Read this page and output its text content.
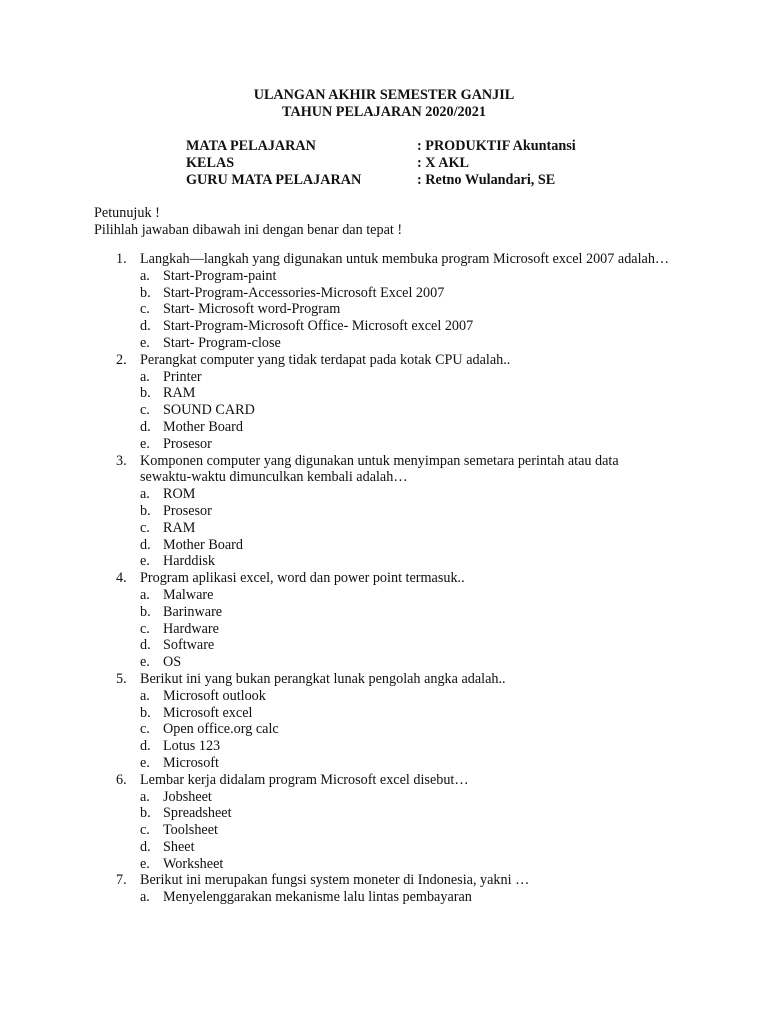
ULANGAN AKHIR SEMESTER GANJIL
TAHUN PELAJARAN 2020/2021
MATA PELAJARAN	: PRODUKTIF Akuntansi
KELAS	: X AKL
GURU MATA PELAJARAN	: Retno Wulandari, SE
Petunujuk !
Pilihlah jawaban dibawah ini dengan benar dan tepat !
1. Langkah—langkah yang digunakan untuk membuka program Microsoft excel 2007 adalah…
a. Start-Program-paint
b. Start-Program-Accessories-Microsoft Excel 2007
c. Start- Microsoft word-Program
d. Start-Program-Microsoft Office- Microsoft excel 2007
e. Start- Program-close
2. Perangkat computer yang tidak terdapat pada kotak CPU adalah..
a. Printer
b. RAM
c. SOUND CARD
d. Mother Board
e. Prosesor
3. Komponen computer yang digunakan untuk menyimpan semetara perintah atau data sewaktu-waktu dimunculkan kembali adalah…
a. ROM
b. Prosesor
c. RAM
d. Mother Board
e. Harddisk
4. Program aplikasi excel, word dan power point termasuk..
a. Malware
b. Barinware
c. Hardware
d. Software
e. OS
5. Berikut ini yang bukan perangkat lunak pengolah angka adalah..
a. Microsoft outlook
b. Microsoft excel
c. Open office.org calc
d. Lotus 123
e. Microsoft
6. Lembar kerja didalam program Microsoft excel disebut…
a. Jobsheet
b. Spreadsheet
c. Toolsheet
d. Sheet
e. Worksheet
7. Berikut ini merupakan fungsi system moneter di Indonesia, yakni …
a. Menyelenggarakan mekanisme lalu lintas pembayaran
